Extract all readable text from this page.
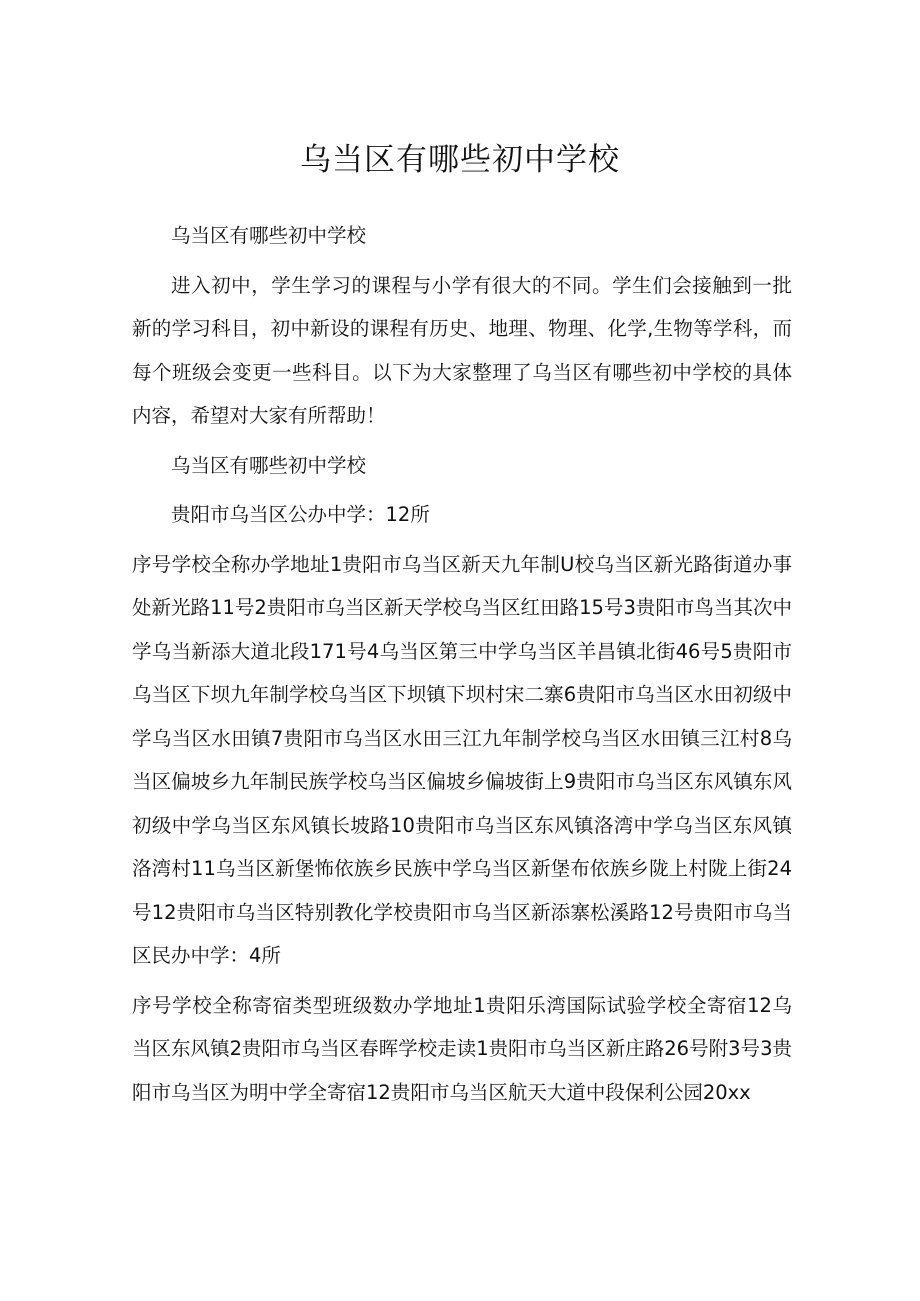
乌当区有哪些初中学校

乌当区有哪些初中学校

进入初中，学生学习的课程与小学有很大的不同。学生们会接触到一批新的学习科目，初中新设的课程有历史、地理、物理、化学,生物等学科，而每个班级会变更一些科目。以下为大家整理了乌当区有哪些初中学校的具体内容，希望对大家有所帮助！

乌当区有哪些初中学校

贵阳市乌当区公办中学：12所

序号学校全称办学地址1贵阳市乌当区新天九年制U校乌当区新光路街道办事处新光路11号2贵阳市乌当区新天学校乌当区红田路15号3贵阳市鸟当其次中学乌当新添大道北段171号4乌当区第三中学乌当区羊昌镇北街46号5贵阳市乌当区下坝九年制学校乌当区下坝镇下坝村宋二寨6贵阳市乌当区水田初级中学乌当区水田镇7贵阳市乌当区水田三江九年制学校乌当区水田镇三江村8乌当区偏坡乡九年制民族学校乌当区偏坡乡偏坡街上9贵阳市乌当区东风镇东风初级中学乌当区东风镇长坡路10贵阳市乌当区东风镇洛湾中学乌当区东风镇洛湾村11乌当区新堡怖依族乡民族中学乌当区新堡布依族乡陇上村陇上街24号12贵阳市乌当区特别教化学校贵阳市乌当区新添寨松溪路12号贵阳市乌当区民办中学：4所

序号学校全称寄宿类型班级数办学地址1贵阳乐湾国际试验学校全寄宿12乌当区东风镇2贵阳市乌当区春晖学校走读1贵阳市乌当区新庄路26号附3号3贵阳市乌当区为明中学全寄宿12贵阳市乌当区航天大道中段保利公园20xx
